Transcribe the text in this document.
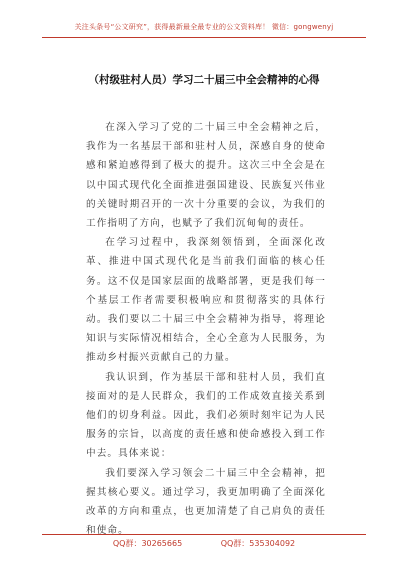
关注头条号“公文研究”，获得最新最全最专业的公文资料库！ 微信：gongwenyj
（村级驻村人员）学习二十届三中全会精神的心得

在深入学习了党的二十届三中全会精神之后，我作为一名基层干部和驻村人员，深感自身的使命感和紧迫感得到了极大的提升。这次三中全会是在以中国式现代化全面推进强国建设、民族复兴伟业的关键时期召开的一次十分重要的会议，为我们的工作指明了方向，也赋予了我们沉甸甸的责任。

在学习过程中，我深刻领悟到，全面深化改革、推进中国式现代化是当前我们面临的核心任务。这不仅是国家层面的战略部署，更是我们每一个基层工作者需要积极响应和贯彻落实的具体行动。我们要以二十届三中全会精神为指导，将理论知识与实际情况相结合，全心全意为人民服务，为推动乡村振兴贡献自己的力量。

我认识到，作为基层干部和驻村人员，我们直接面对的是人民群众，我们的工作成效直接关系到他们的切身利益。因此，我们必须时刻牢记为人民服务的宗旨，以高度的责任感和使命感投入到工作中去。具体来说：

我们要深入学习领会二十届三中全会精神，把握其核心要义。通过学习，我更加明确了全面深化改革的方向和重点，也更加清楚了自己肩负的责任和使命。

QQ群：30265665	QQ群：535304092
